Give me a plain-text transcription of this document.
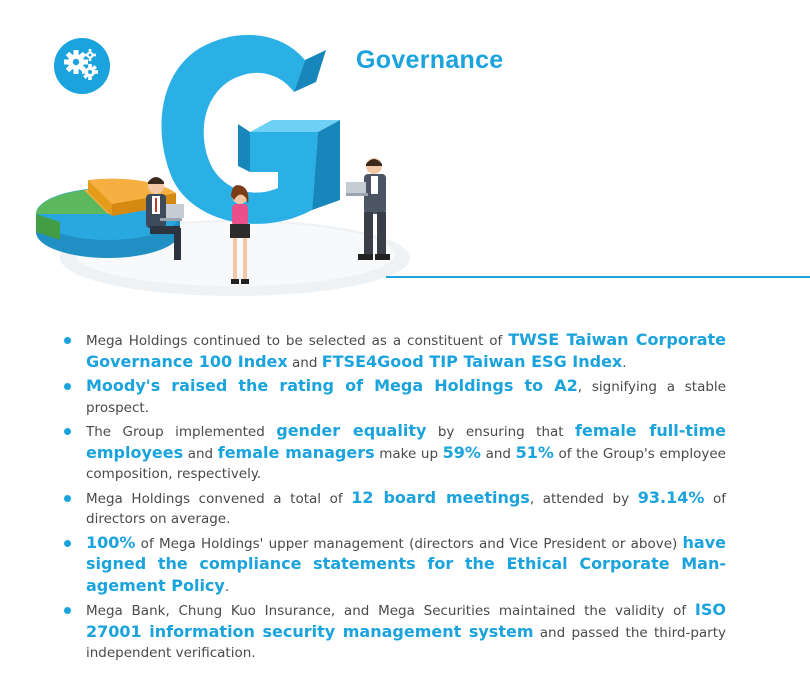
Governance
Mega Holdings continued to be selected as a constituent of TWSE Taiwan Corporate Governance 100 Index and FTSE4Good TIP Taiwan ESG Index.
Moody's raised the rating of Mega Holdings to A2, signifying a stable prospect.
The Group implemented gender equality by ensuring that female full-time employees and female managers make up 59% and 51% of the Group's employee composition, respectively.
Mega Holdings convened a total of 12 board meetings, attended by 93.14% of directors on average.
100% of Mega Holdings' upper management (directors and Vice President or above) have signed the compliance statements for the Ethical Corporate Management Policy.
Mega Bank, Chung Kuo Insurance, and Mega Securities maintained the validity of ISO 27001 information security management system and passed the third-party independent verification.
